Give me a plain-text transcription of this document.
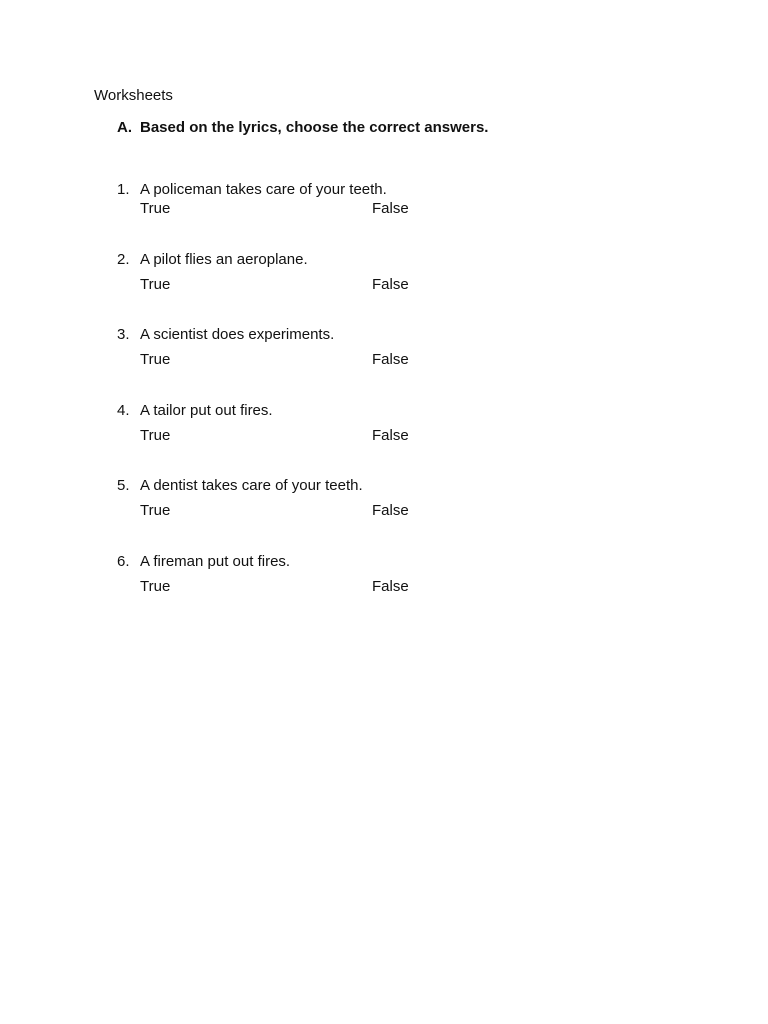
Worksheets
A. Based on the lyrics, choose the correct answers.
1. A policeman takes care of your teeth.
True	False
2. A pilot flies an aeroplane.
True	False
3. A scientist does experiments.
True	False
4. A tailor put out fires.
True	False
5. A dentist takes care of your teeth.
True	False
6. A fireman put out fires.
True	False
